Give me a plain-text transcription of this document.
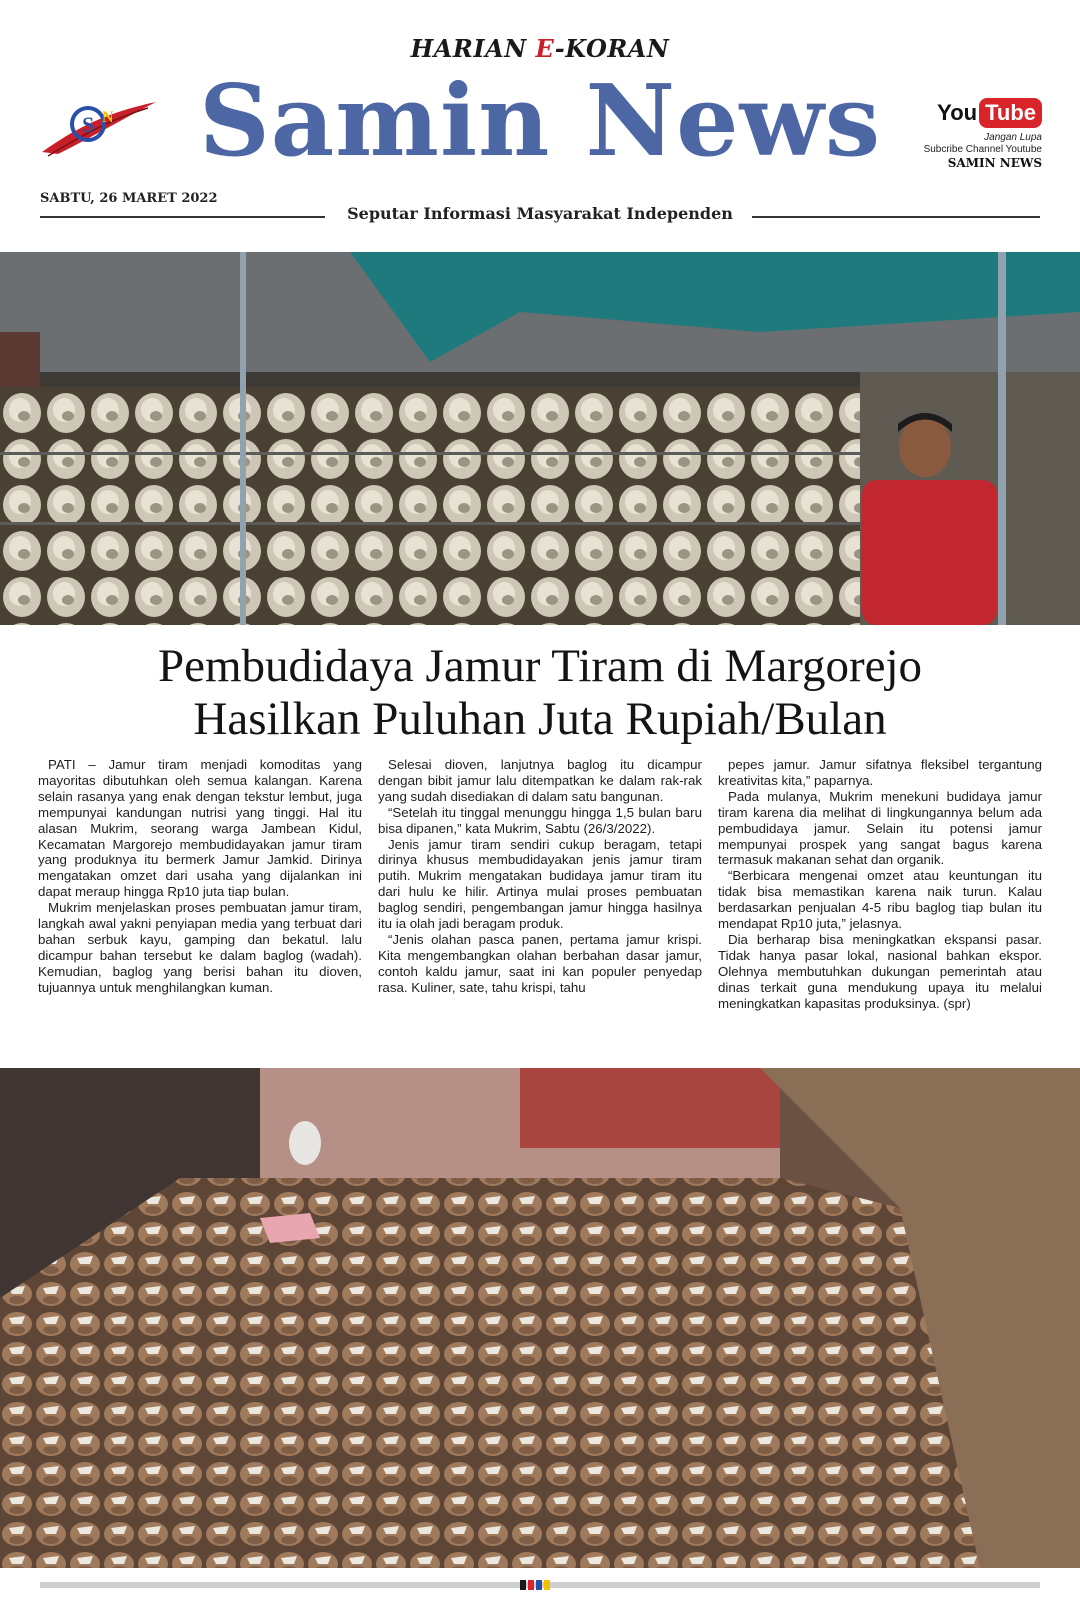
HARIAN E-KORAN
S N Samin News	You Tube
Jangan Lupa
Subcribe Channel Youtube
SAMIN NEWS
SABTU, 26 MARET 2022
Seputar Informasi Masyarakat Independen
Pembudidaya Jamur Tiram di Margorejo
Hasilkan Puluhan Juta Rupiah/Bulan

PATI – Jamur tiram menjadi komoditas yang mayoritas dibutuhkan oleh semua kalangan. Karena selain rasanya yang enak dengan tekstur lembut, juga mempunyai kandungan nutrisi yang tinggi. Hal itu alasan Mukrim, seorang warga Jambean Kidul, Kecamatan Margorejo membudidayakan jamur tiram yang produknya itu bermerk Jamur Jamkid. Dirinya mengatakan omzet dari usaha yang dijalankan ini dapat meraup hingga Rp10 juta tiap bulan.

Mukrim menjelaskan proses pembuatan jamur tiram, langkah awal yakni penyiapan media yang terbuat dari bahan serbuk kayu, gamping dan bekatul. lalu dicampur bahan tersebut ke dalam baglog (wadah). Kemudian, baglog yang berisi bahan itu dioven, tujuannya untuk menghilangkan kuman.

Selesai dioven, lanjutnya baglog itu dicampur dengan bibit jamur lalu ditempatkan ke dalam rak-rak yang sudah disediakan di dalam satu bangunan.

“Setelah itu tinggal menunggu hingga 1,5 bulan baru bisa dipanen,” kata Mukrim, Sabtu (26/3/2022).

Jenis jamur tiram sendiri cukup beragam, tetapi dirinya khusus membudidayakan jenis jamur tiram putih. Mukrim mengatakan budidaya jamur tiram itu dari hulu ke hilir. Artinya mulai proses pembuatan baglog sendiri, pengembangan jamur hingga hasilnya itu ia olah jadi beragam produk.

“Jenis olahan pasca panen, pertama jamur krispi. Kita mengembangkan olahan berbahan dasar jamur, contoh kaldu jamur, saat ini kan populer penyedap rasa. Kuliner, sate, tahu krispi, tahu

pepes jamur. Jamur sifatnya fleksibel tergantung kreativitas kita,” paparnya.

Pada mulanya, Mukrim menekuni budidaya jamur tiram karena dia melihat di lingkungannya belum ada pembudidaya jamur. Selain itu potensi jamur mempunyai prospek yang sangat bagus karena termasuk makanan sehat dan organik.

“Berbicara mengenai omzet atau keuntungan itu tidak bisa memastikan karena naik turun. Kalau berdasarkan penjualan 4-5 ribu baglog tiap bulan itu mendapat Rp10 juta,” jelasnya.

Dia berharap bisa meningkatkan ekspansi pasar. Tidak hanya pasar lokal, nasional bahkan ekspor. Olehnya membutuhkan dukungan pemerintah atau dinas terkait guna mendukung upaya itu melalui meningkatkan kapasitas produksinya. (spr)
